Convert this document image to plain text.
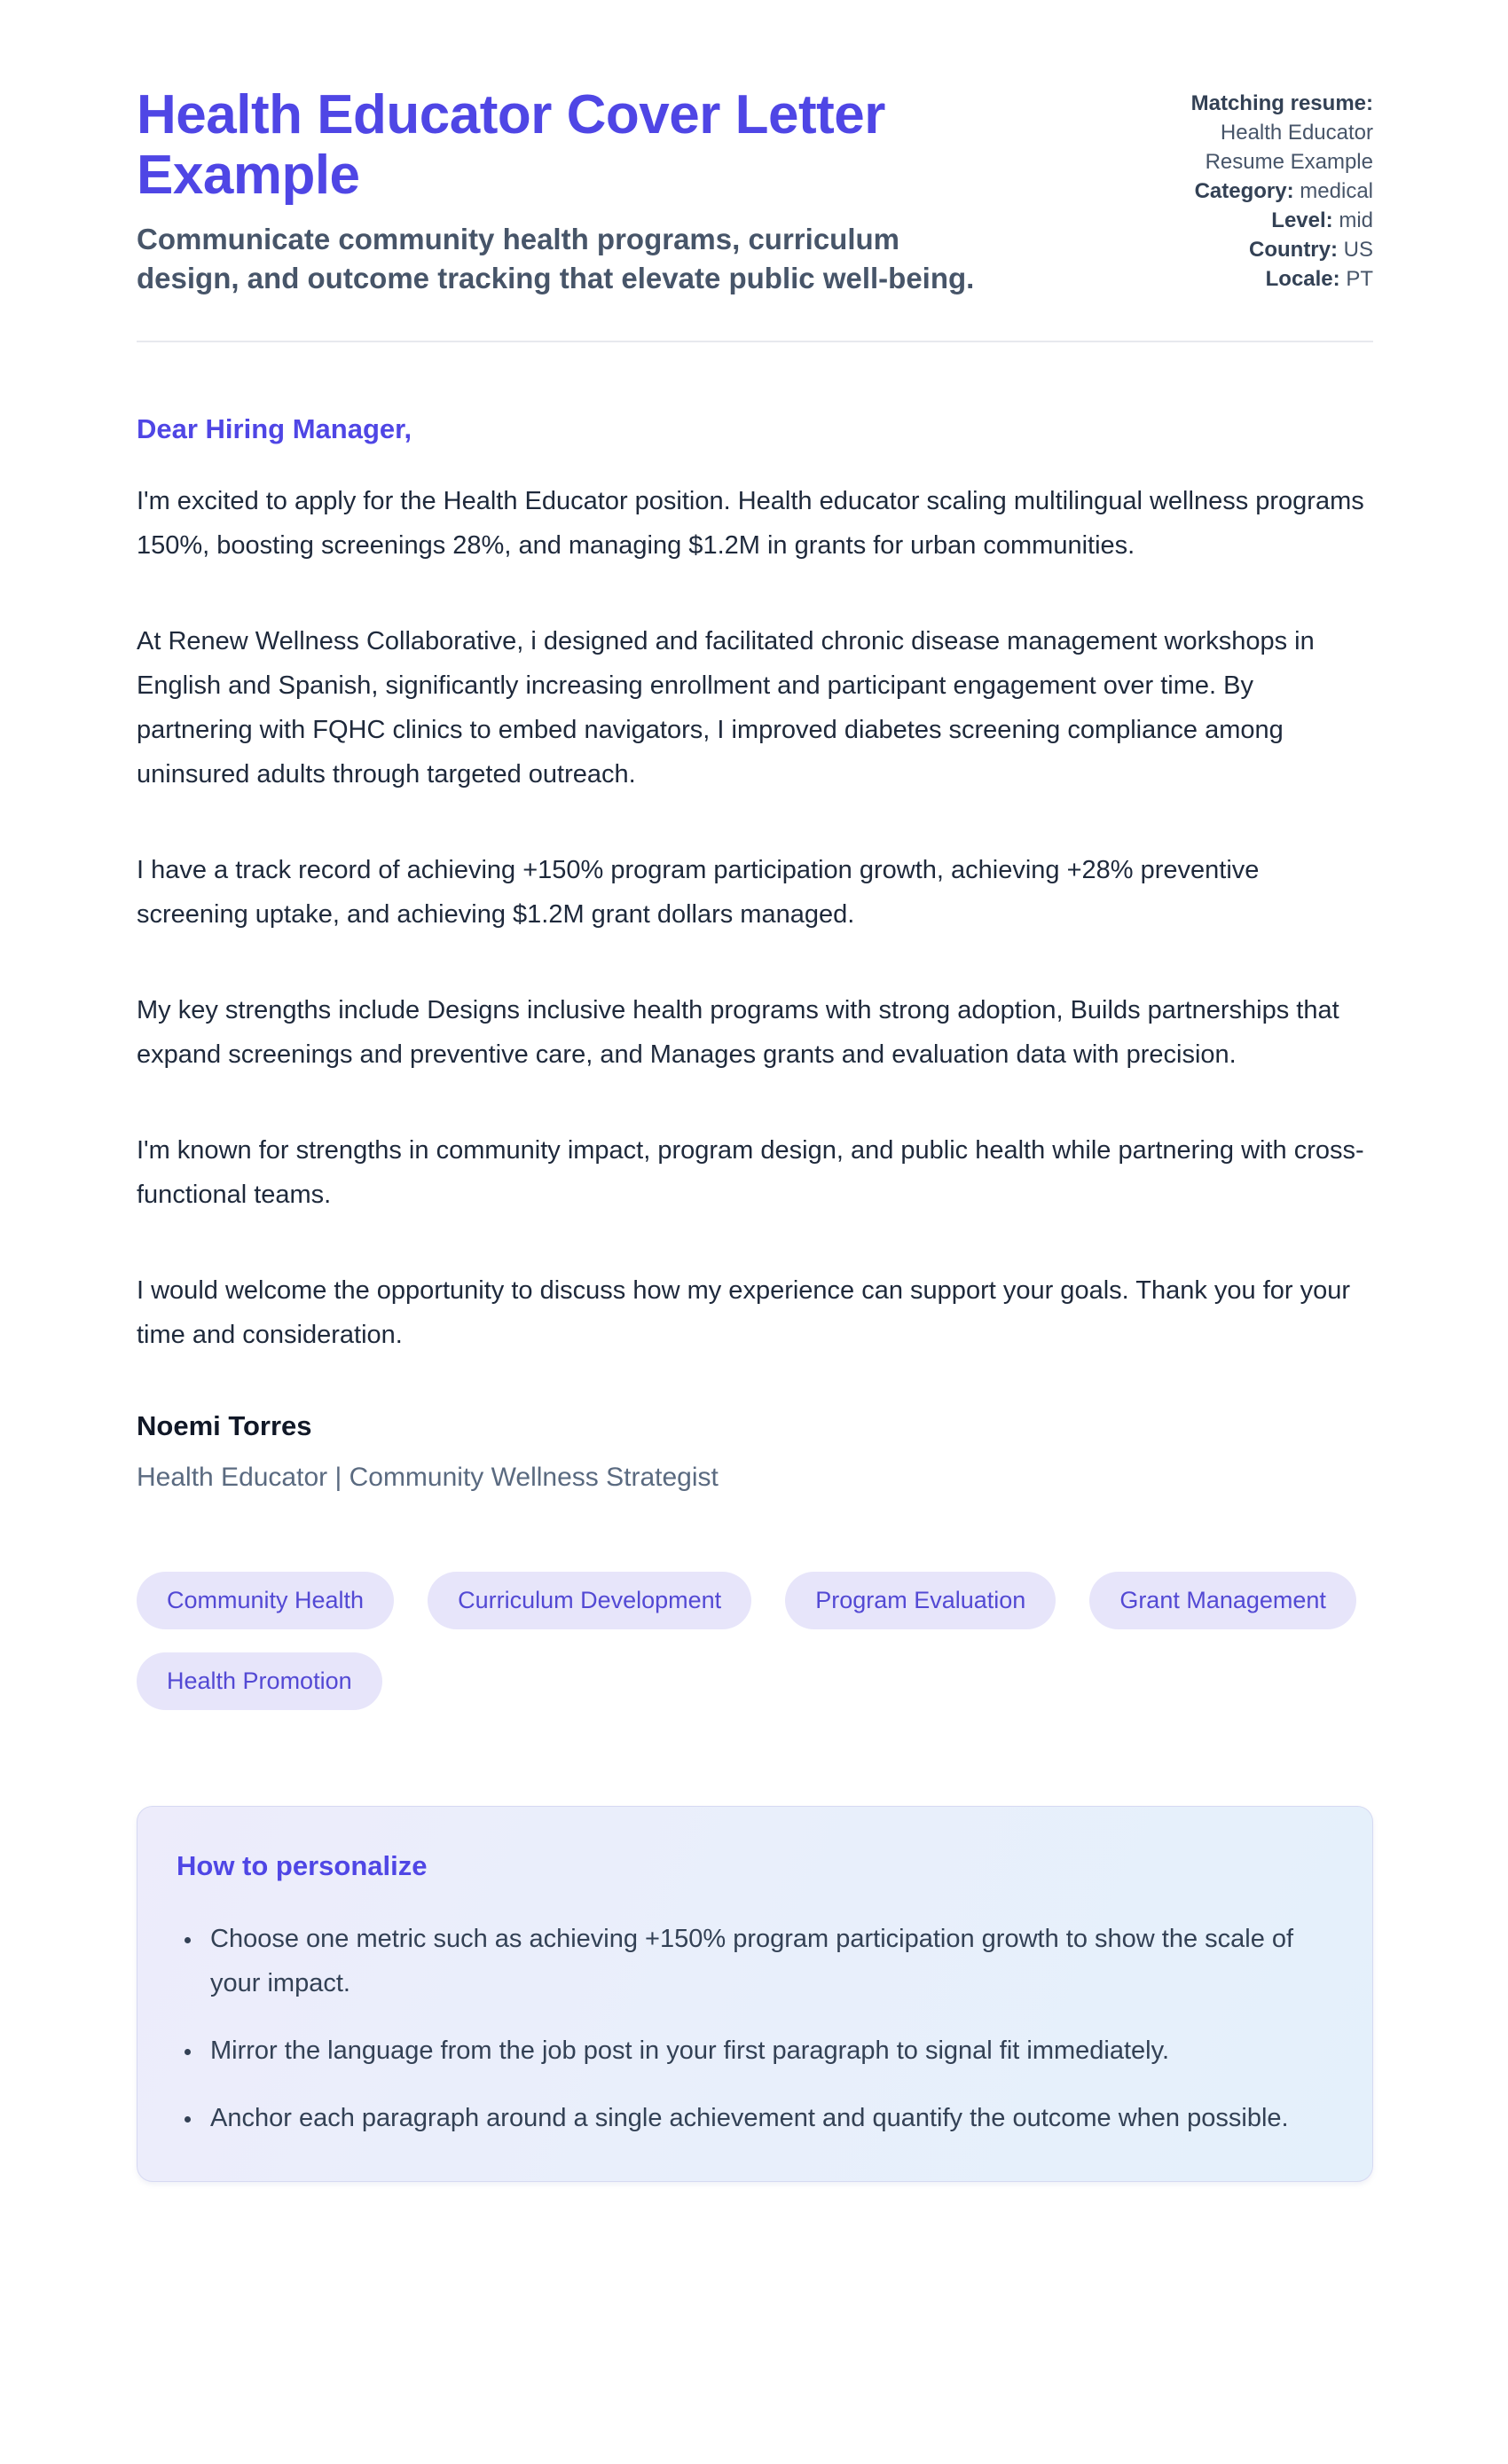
Health Educator Cover Letter Example

Communicate community health programs, curriculum design, and outcome tracking that elevate public well-being.

Matching resume:
Health Educator Resume Example
Category: medical
Level: mid
Country: US
Locale: PT

Dear Hiring Manager,

I'm excited to apply for the Health Educator position. Health educator scaling multilingual wellness programs 150%, boosting screenings 28%, and managing $1.2M in grants for urban communities.

At Renew Wellness Collaborative, i designed and facilitated chronic disease management workshops in English and Spanish, significantly increasing enrollment and participant engagement over time. By partnering with FQHC clinics to embed navigators, I improved diabetes screening compliance among uninsured adults through targeted outreach.

I have a track record of achieving +150% program participation growth, achieving +28% preventive screening uptake, and achieving $1.2M grant dollars managed.

My key strengths include Designs inclusive health programs with strong adoption, Builds partnerships that expand screenings and preventive care, and Manages grants and evaluation data with precision.

I'm known for strengths in community impact, program design, and public health while partnering with cross-functional teams.

I would welcome the opportunity to discuss how my experience can support your goals. Thank you for your time and consideration.

Noemi Torres

Health Educator | Community Wellness Strategist

Community Health	Curriculum Development	Program Evaluation	Grant Management
Health Promotion
How to personalize
• Choose one metric such as achieving +150% program participation growth to show the scale of your impact.
• Mirror the language from the job post in your first paragraph to signal fit immediately.
• Anchor each paragraph around a single achievement and quantify the outcome when possible.
